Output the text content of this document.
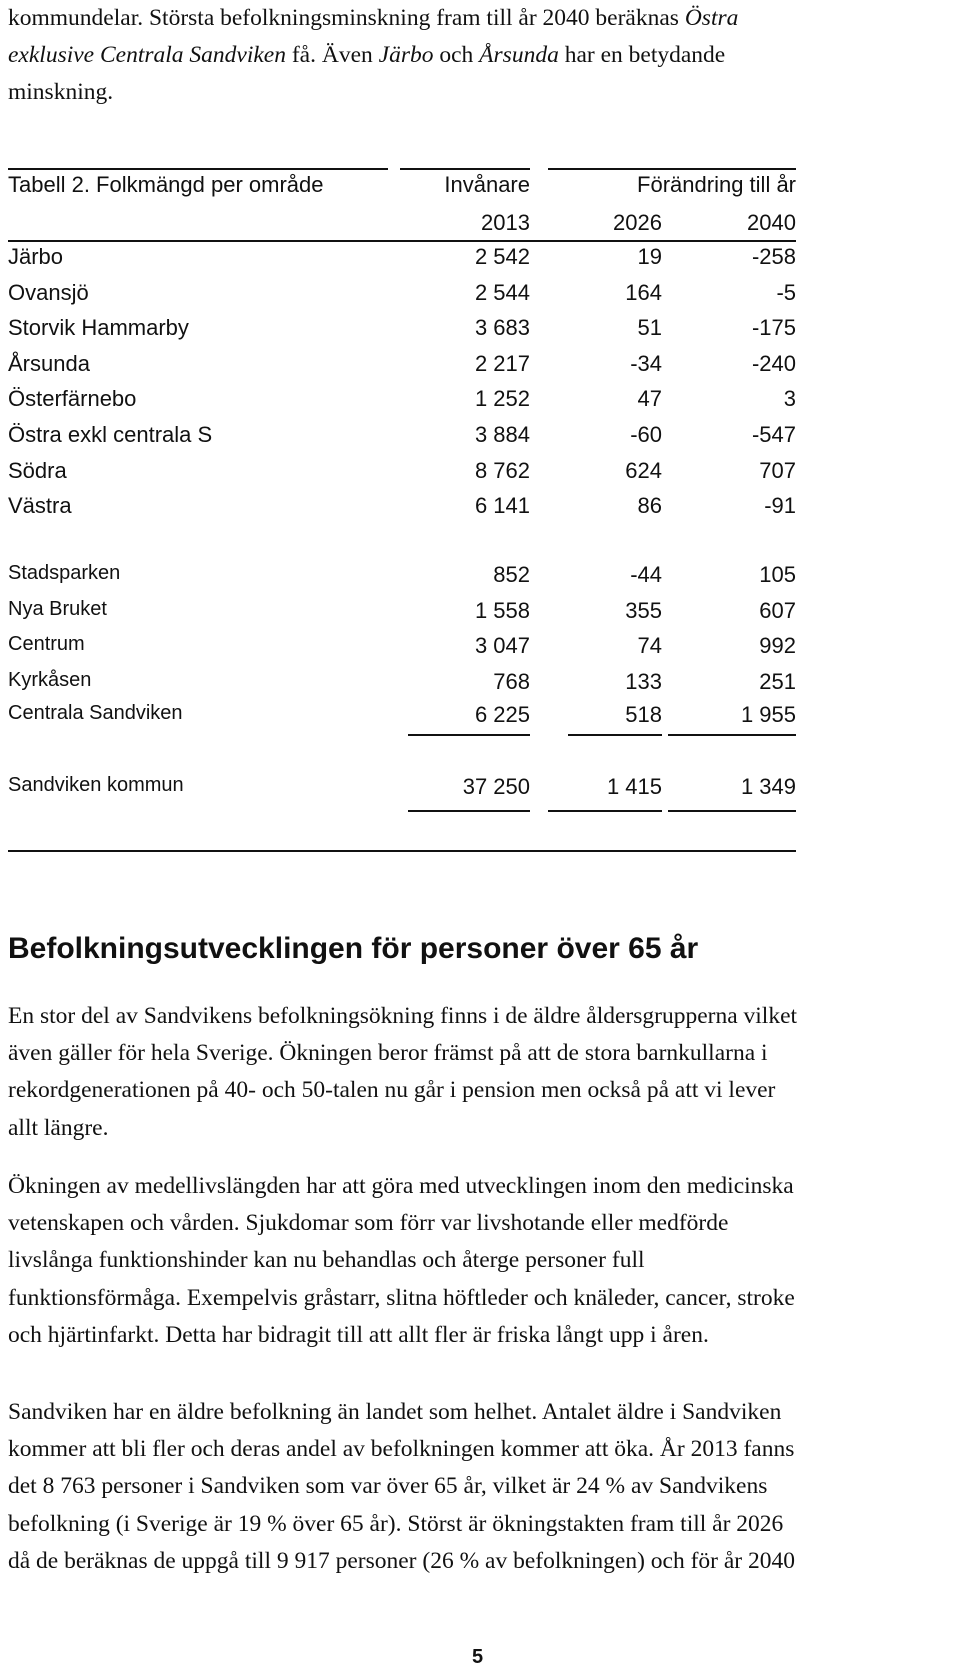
kommundelar. Största befolkningsminskning fram till år 2040 beräknas Östra

exklusive Centrala Sandviken få. Även Järbo och Årsunda har en betydande

minskning.

Tabell 2. Folkmängd per område	Invånare	Förändring till år
2013	2026	2040
Järbo	2 542	19	-258
Ovansjö	2 544	164	-5
Storvik Hammarby	3 683	51	-175
Årsunda	2 217	-34	-240
Österfärnebo	1 252	47	3
Östra exkl centrala S	3 884	-60	-547
Södra	8 762	624	707
Västra	6 141	86	-91
Stadsparken	852	-44	105
Nya Bruket	1 558	355	607
Centrum	3 047	74	992
Kyrkåsen	768	133	251
Centrala Sandviken	6 225	518	1 955
Sandviken kommun	37 250	1 415	1 349
Befolkningsutvecklingen för personer över 65 år
En stor del av Sandvikens befolkningsökning finns i de äldre åldersgrupperna vilket
även gäller för hela Sverige. Ökningen beror främst på att de stora barnkullarna i
rekordgenerationen på 40- och 50-talen nu går i pension men också på att vi lever
allt längre.
Ökningen av medellivslängden har att göra med utvecklingen inom den medicinska
vetenskapen och vården. Sjukdomar som förr var livshotande eller medförde
livslånga funktionshinder kan nu behandlas och återge personer full
funktionsförmåga. Exempelvis gråstarr, slitna höftleder och knäleder, cancer, stroke
och hjärtinfarkt. Detta har bidragit till att allt fler är friska långt upp i åren.
Sandviken har en äldre befolkning än landet som helhet. Antalet äldre i Sandviken
kommer att bli fler och deras andel av befolkningen kommer att öka. År 2013 fanns
det 8 763 personer i Sandviken som var över 65 år, vilket är 24 % av Sandvikens
befolkning (i Sverige är 19 % över 65 år). Störst är ökningstakten fram till år 2026
då de beräknas de uppgå till 9 917 personer (26 % av befolkningen) och för år 2040
5
